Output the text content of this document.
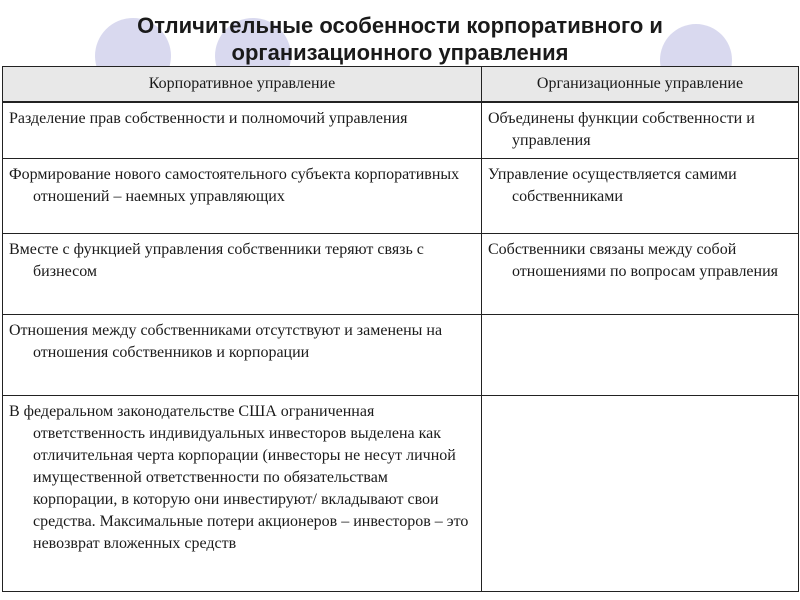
Отличительные особенности корпоративного и
организационного управления
Корпоративное управление	Организационные управление

Разделение прав собственности и полномочий управления	Объединены функции собственности и управления

Формирование нового самостоятельного субъекта корпоративных отношений – наемных управляющих	Управление осуществляется самими собственниками

Вместе с функцией управления собственники теряют связь с бизнесом	Собственники связаны между собой отношениями по вопросам управления

Отношения между собственниками отсутствуют и заменены на отношения собственников и корпорации	

В федеральном законодательстве США ограниченная ответственность индивидуальных инвесторов выделена как отличительная черта корпорации (инвесторы не несут личной имущественной ответственности по обязательствам корпорации, в которую они инвестируют/ вкладывают свои средства. Максимальные потери акционеров – инвесторов – это невозврат вложенных средств	
